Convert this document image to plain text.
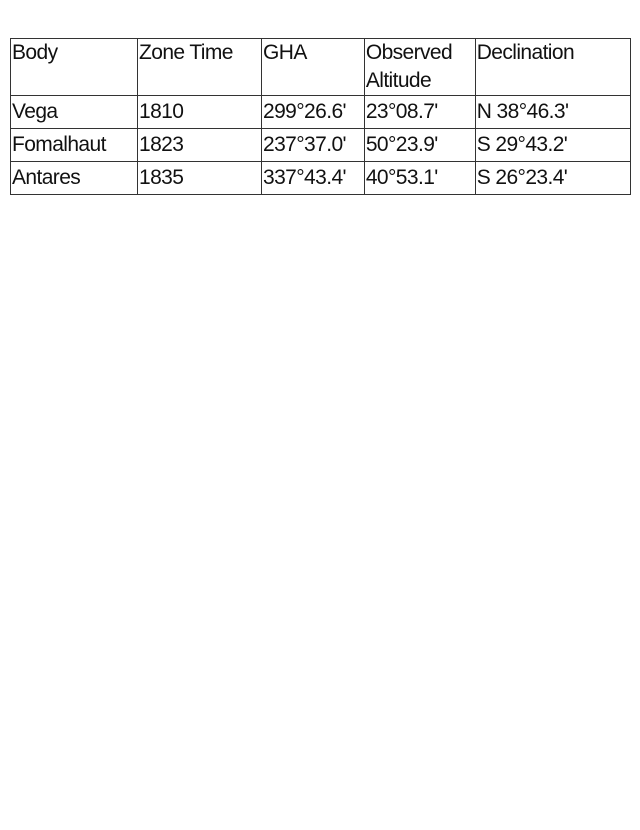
Body	Zone Time	GHA	Observed Altitude	Declination
Vega	1810	299°26.6'	23°08.7'	N 38°46.3'
Fomalhaut	1823	237°37.0'	50°23.9'	S 29°43.2'
Antares	1835	337°43.4'	40°53.1'	S 26°23.4'
